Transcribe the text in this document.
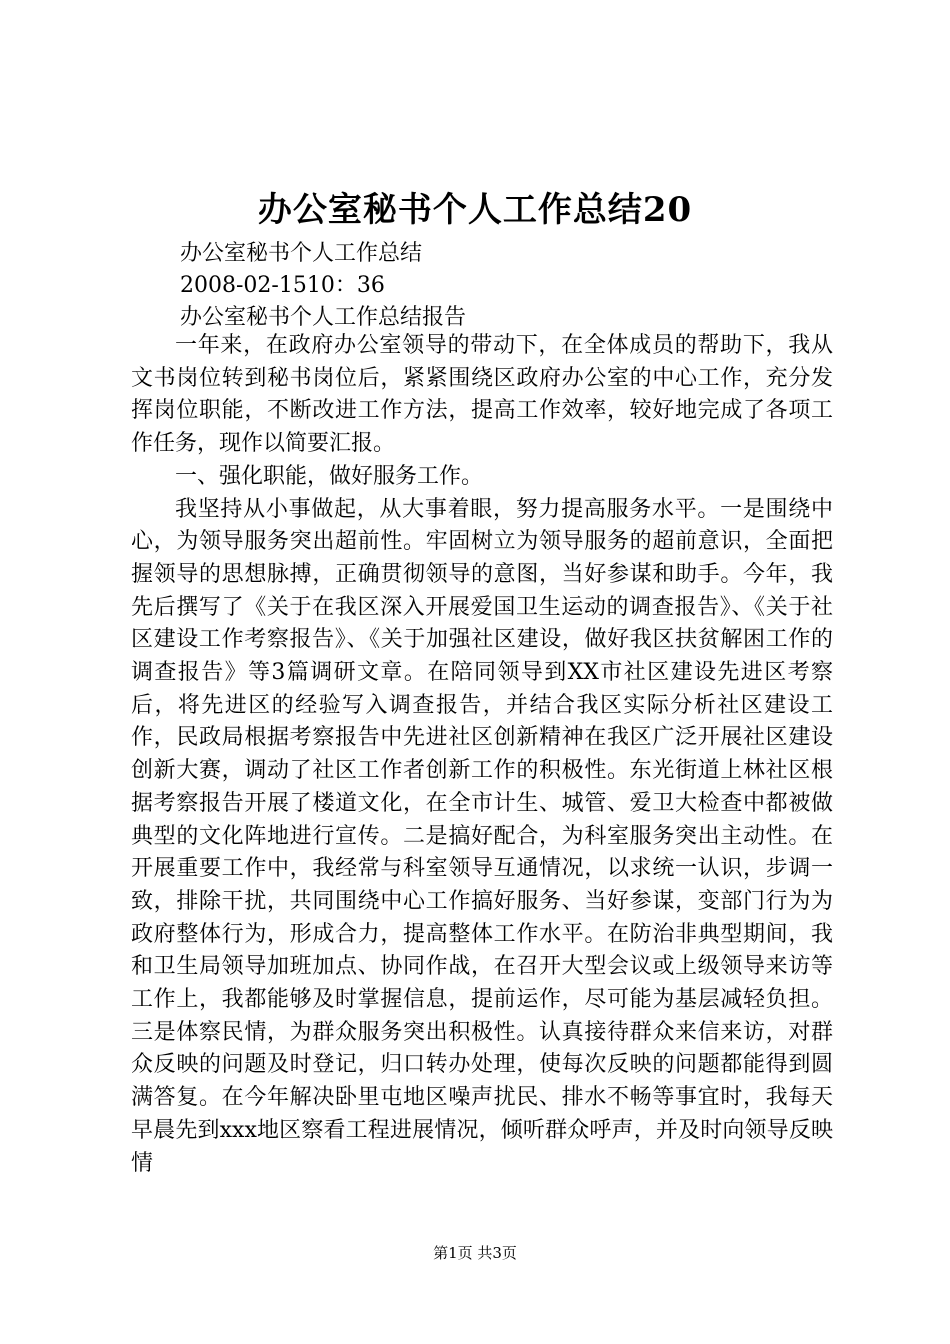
办公室秘书个人工作总结20
办公室秘书个人工作总结
2008-02-1510：36
办公室秘书个人工作总结报告

一年来，在政府办公室领导的带动下，在全体成员的帮助下，我从文书岗位转到秘书岗位后，紧紧围绕区政府办公室的中心工作，充分发挥岗位职能，不断改进工作方法，提高工作效率，较好地完成了各项工作任务，现作以简要汇报。

一、强化职能，做好服务工作。

我坚持从小事做起，从大事着眼，努力提高服务水平。一是围绕中心，为领导服务突出超前性。牢固树立为领导服务的超前意识，全面把握领导的思想脉搏，正确贯彻领导的意图，当好参谋和助手。今年，我先后撰写了《关于在我区深入开展爱国卫生运动的调查报告》、《关于社区建设工作考察报告》、《关于加强社区建设，做好我区扶贫解困工作的调查报告》等3篇调研文章。在陪同领导到XX市社区建设先进区考察后，将先进区的经验写入调查报告，并结合我区实际分析社区建设工作，民政局根据考察报告中先进社区创新精神在我区广泛开展社区建设创新大赛，调动了社区工作者创新工作的积极性。东光街道上林社区根据考察报告开展了楼道文化，在全市计生、城管、爱卫大检查中都被做典型的文化阵地进行宣传。二是搞好配合，为科室服务突出主动性。在开展重要工作中，我经常与科室领导互通情况，以求统一认识，步调一致，排除干扰，共同围绕中心工作搞好服务、当好参谋，变部门行为为政府整体行为，形成合力，提高整体工作水平。在防治非典型期间，我和卫生局领导加班加点、协同作战，在召开大型会议或上级领导来访等工作上，我都能够及时掌握信息，提前运作，尽可能为基层减轻负担。三是体察民情，为群众服务突出积极性。认真接待群众来信来访，对群众反映的问题及时登记，归口转办处理，使每次反映的问题都能得到圆满答复。在今年解决卧里屯地区噪声扰民、排水不畅等事宜时，我每天早晨先到xxx地区察看工程进展情况，倾听群众呼声，并及时向领导反映情

第1页 共3页
